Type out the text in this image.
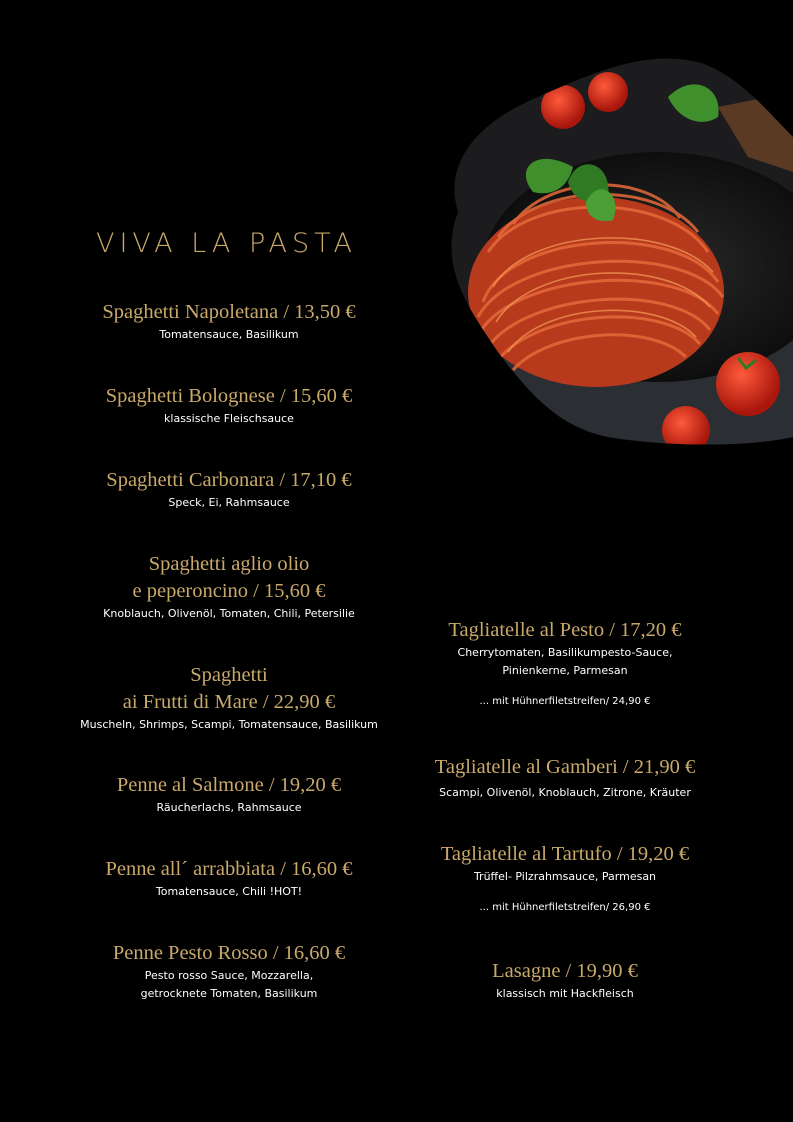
VIVA LA PASTA
Spaghetti Napoletana / 13,50 €
Tomatensauce, Basilikum
Spaghetti Bolognese / 15,60 €
klassische Fleischsauce
Spaghetti Carbonara / 17,10 €
Speck, Ei, Rahmsauce
Spaghetti aglio olio
e peperoncino / 15,60 €
Knoblauch, Olivenöl, Tomaten, Chili, Petersilie
Spaghetti
ai Frutti di Mare / 22,90 €
Muscheln, Shrimps, Scampi, Tomatensauce, Basilikum
Penne al Salmone / 19,20 €
Räucherlachs, Rahmsauce
Penne all´ arrabbiata / 16,60 €
Tomatensauce, Chili !HOT!
Penne Pesto Rosso / 16,60 €
Pesto rosso Sauce, Mozzarella,
getrocknete Tomaten, Basilikum
Tagliatelle al Pesto / 17,20 €
Cherrytomaten, Basilikumpesto-Sauce,
Pinienkerne, Parmesan
... mit Hühnerfiletstreifen/ 24,90 €
Tagliatelle al Gamberi / 21,90 €
Scampi, Olivenöl, Knoblauch, Zitrone, Kräuter
Tagliatelle al Tartufo / 19,20 €
Trüffel- Pilzrahmsauce, Parmesan
... mit Hühnerfiletstreifen/ 26,90 €
Lasagne / 19,90 €
klassisch mit Hackfleisch
